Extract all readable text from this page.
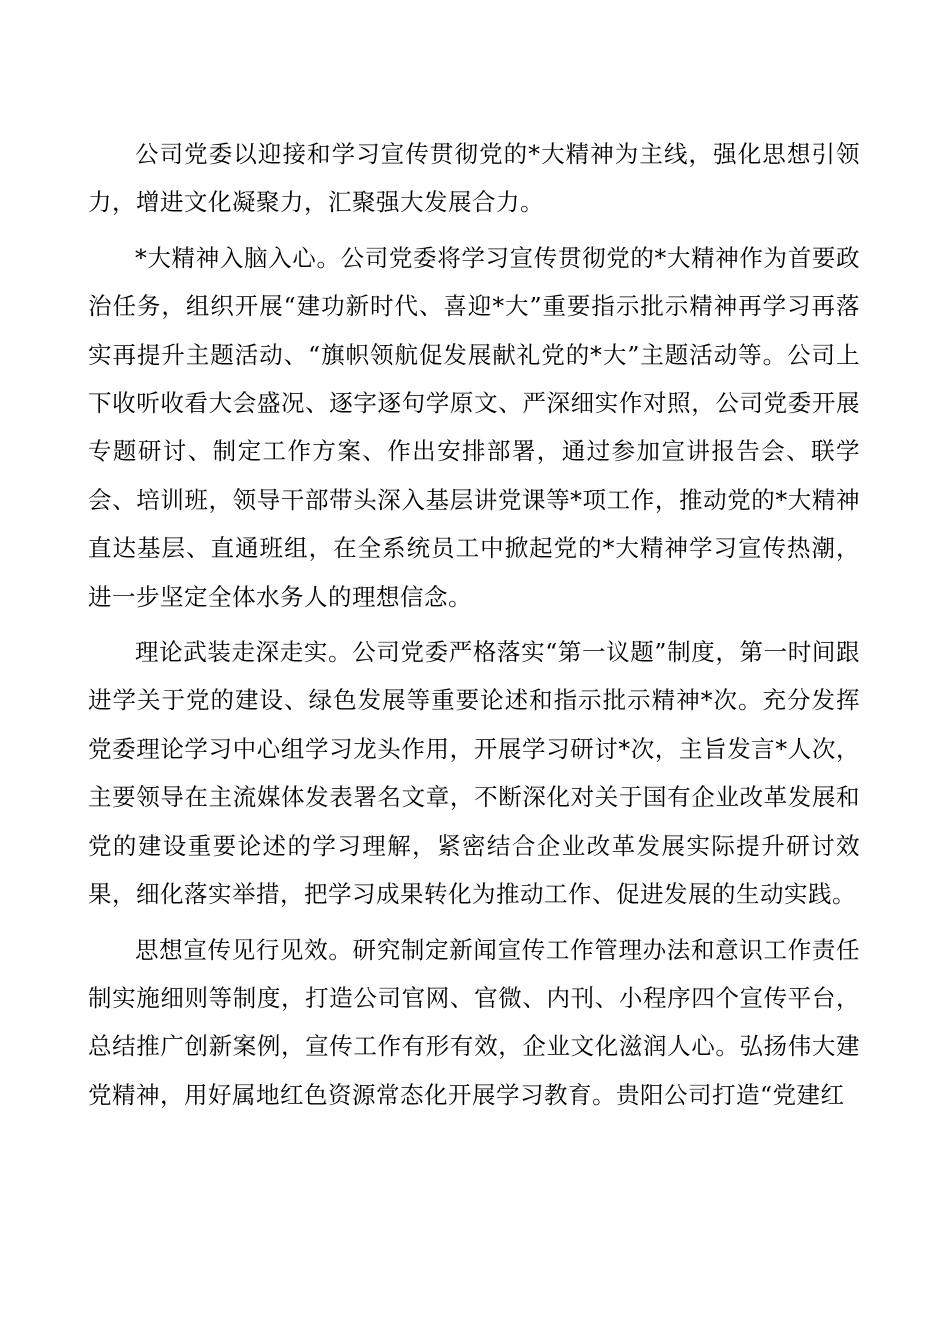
公司党委以迎接和学习宣传贯彻党的*大精神为主线，强化思想引领力，增进文化凝聚力，汇聚强大发展合力。

*大精神入脑入心。公司党委将学习宣传贯彻党的*大精神作为首要政治任务，组织开展“建功新时代、喜迎*大”重要指示批示精神再学习再落实再提升主题活动、“旗帜领航促发展献礼党的*大”主题活动等。公司上下收听收看大会盛况、逐字逐句学原文、严深细实作对照，公司党委开展专题研讨、制定工作方案、作出安排部署，通过参加宣讲报告会、联学会、培训班，领导干部带头深入基层讲党课等*项工作，推动党的*大精神直达基层、直通班组，在全系统员工中掀起党的*大精神学习宣传热潮，进一步坚定全体水务人的理想信念。

理论武装走深走实。公司党委严格落实“第一议题”制度，第一时间跟进学关于党的建设、绿色发展等重要论述和指示批示精神*次。充分发挥党委理论学习中心组学习龙头作用，开展学习研讨*次，主旨发言*人次，主要领导在主流媒体发表署名文章，不断深化对关于国有企业改革发展和党的建设重要论述的学习理解，紧密结合企业改革发展实际提升研讨效果，细化落实举措，把学习成果转化为推动工作、促进发展的生动实践。

思想宣传见行见效。研究制定新闻宣传工作管理办法和意识工作责任制实施细则等制度，打造公司官网、官微、内刊、小程序四个宣传平台，总结推广创新案例，宣传工作有形有效，企业文化滋润人心。弘扬伟大建党精神，用好属地红色资源常态化开展学习教育。贵阳公司打造“党建红
